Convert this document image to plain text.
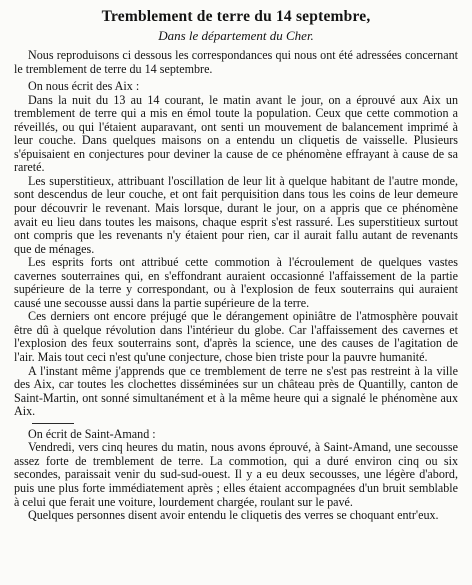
Tremblement de terre du 14 septembre,
Dans le département du Cher.

Nous reproduisons ci dessous les correspondances qui nous ont été adressées concernant le tremblement de terre du 14 septembre.

On nous écrit des Aix :

Dans la nuit du 13 au 14 courant, le matin avant le jour, on a éprouvé aux Aix un tremblement de terre qui a mis en émol toute la population. Ceux que cette commotion a réveillés, ou qui l'étaient auparavant, ont senti un mouvement de balancement imprimé à leur couche. Dans quelques maisons on a entendu un cliquetis de vaisselle. Plusieurs s'épuisaient en conjectures pour deviner la cause de ce phénomène effrayant à cause de sa rareté.

Les superstitieux, attribuant l'oscillation de leur lit à quelque habitant de l'autre monde, sont descendus de leur couche, et ont fait perquisition dans tous les coins de leur demeure pour découvrir le revenant. Mais lorsque, durant le jour, on a appris que ce phénomène avait eu lieu dans toutes les maisons, chaque esprit s'est rassuré. Les superstitieux surtout ont compris que les revenants n'y étaient pour rien, car il aurait fallu autant de revenants que de ménages.

Les esprits forts ont attribué cette commotion à l'écroulement de quelques vastes cavernes souterraines qui, en s'effondrant auraient occasionné l'affaissement de la partie supérieure de la terre y correspondant, ou à l'explosion de feux souterrains qui auraient causé une secousse aussi dans la partie supérieure de la terre.

Ces derniers ont encore préjugé que le dérangement opiniâtre de l'atmosphère pouvait être dû à quelque révolution dans l'intérieur du globe. Car l'affaissement des cavernes et l'explosion des feux souterrains sont, d'après la science, une des causes de l'agitation de l'air. Mais tout ceci n'est qu'une conjecture, chose bien triste pour la pauvre humanité.

A l'instant même j'apprends que ce tremblement de terre ne s'est pas restreint à la ville des Aix, car toutes les clochettes disséminées sur un château près de Quantilly, canton de Saint-Martin, ont sonné simultanément et à la même heure qui a signalé le phénomène aux Aix.

On écrit de Saint-Amand :

Vendredi, vers cinq heures du matin, nous avons éprouvé, à Saint-Amand, une secousse assez forte de tremblement de terre. La commotion, qui a duré environ cinq ou six secondes, paraissait venir du sud-sud-ouest. Il y a eu deux secousses, une légère d'abord, puis une plus forte immédiatement après ; elles étaient accompagnées d'un bruit semblable à celui que ferait une voiture, lourdement chargée, roulant sur le pavé.

Quelques personnes disent avoir entendu le cliquetis des verres se choquant entr'eux.
